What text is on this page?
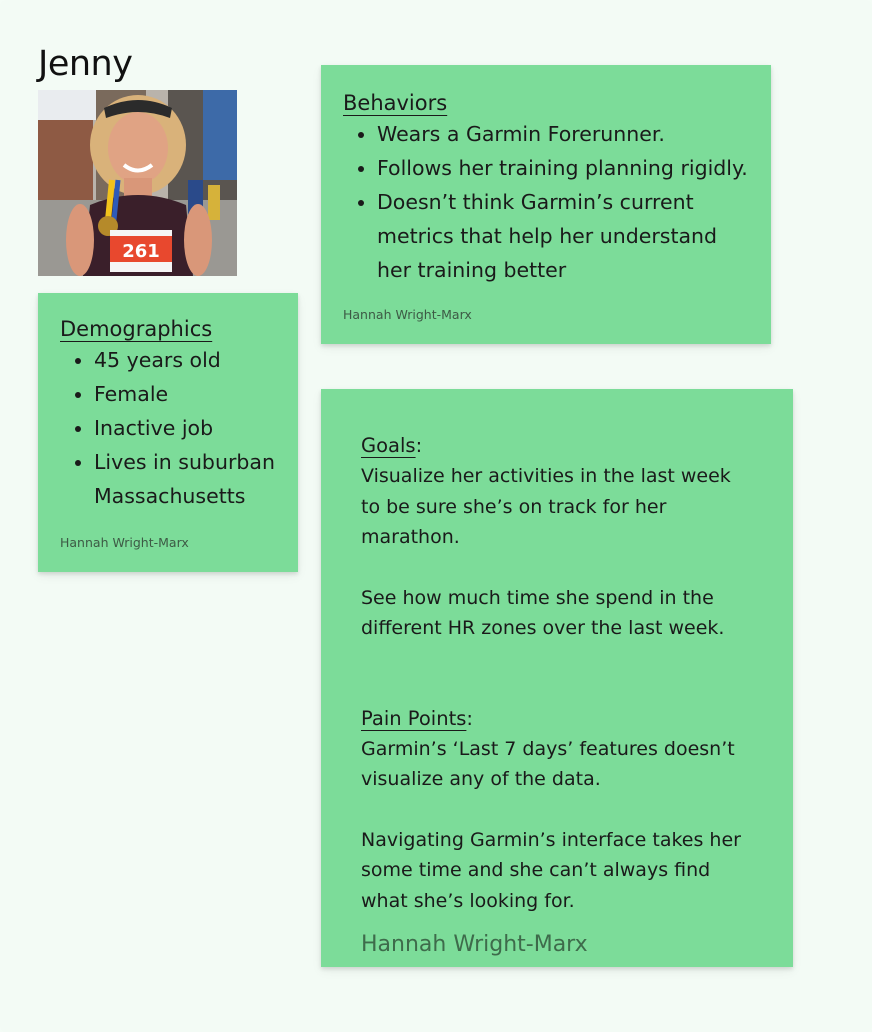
Jenny
261
Demographics
• 45 years old
• Female
• Inactive job
• Lives in suburban Massachusetts
Hannah Wright-Marx
Behaviors
• Wears a Garmin Forerunner.
• Follows her training planning rigidly.
• Doesn’t think Garmin’s current metrics that help her understand her training better
Hannah Wright-Marx
Goals:

Visualize her activities in the last week to be sure she’s on track for her marathon.

See how much time she spend in the different HR zones over the last week.

Pain Points:

Garmin’s ‘Last 7 days’ features doesn’t visualize any of the data.

Navigating Garmin’s interface takes her some time and she can’t always find what she’s looking for.

Hannah Wright-Marx
